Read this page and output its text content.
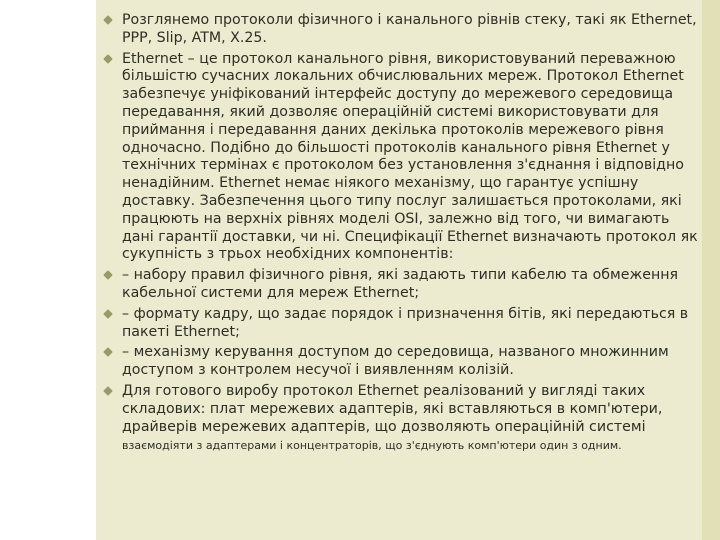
Розглянемо протоколи фізичного і канального рівнів стеку, такі як Ethernet, PPP, Slip, ATM, X.25.
Ethernet – це протокол канального рівня, використовуваний переважною більшістю сучасних локальних обчислювальних мереж. Протокол Ethernet забезпечує уніфікований інтерфейс доступу до мережевого середовища передавання, який дозволяє операційній системі використовувати для приймання і передавання даних декілька протоколів мережевого рівня одночасно. Подібно до більшості протоколів канального рівня Ethernet у технічних термінах є протоколом без установлення з'єднання і відповідно ненадійним. Ethernet немає ніякого механізму, що гарантує успішну доставку. Забезпечення цього типу послуг залишається протоколами, які працюють на верхніх рівнях моделі OSI, залежно від того, чи вимагають дані гарантії доставки, чи ні. Специфікації Ethernet визначають протокол як сукупність з трьох необхідних компонентів:
– набору правил фізичного рівня, які задають типи кабелю та обмеження кабельної системи для мереж Ethernet;
– формату кадру, що задає порядок і призначення бітів, які передаються в пакеті Ethernet;
– механізму керування доступом до середовища, названого множинним доступом з контролем несучої і виявленням колізій.
Для готового виробу протокол Ethernet реалізований у вигляді таких складових: плат мережевих адаптерів, які вставляються в комп'ютери, драйверів мережевих адаптерів, що дозволяють операційній системі
взаємодіяти з адаптерами і концентраторів, що з'єднують комп'ютери один з одним.
